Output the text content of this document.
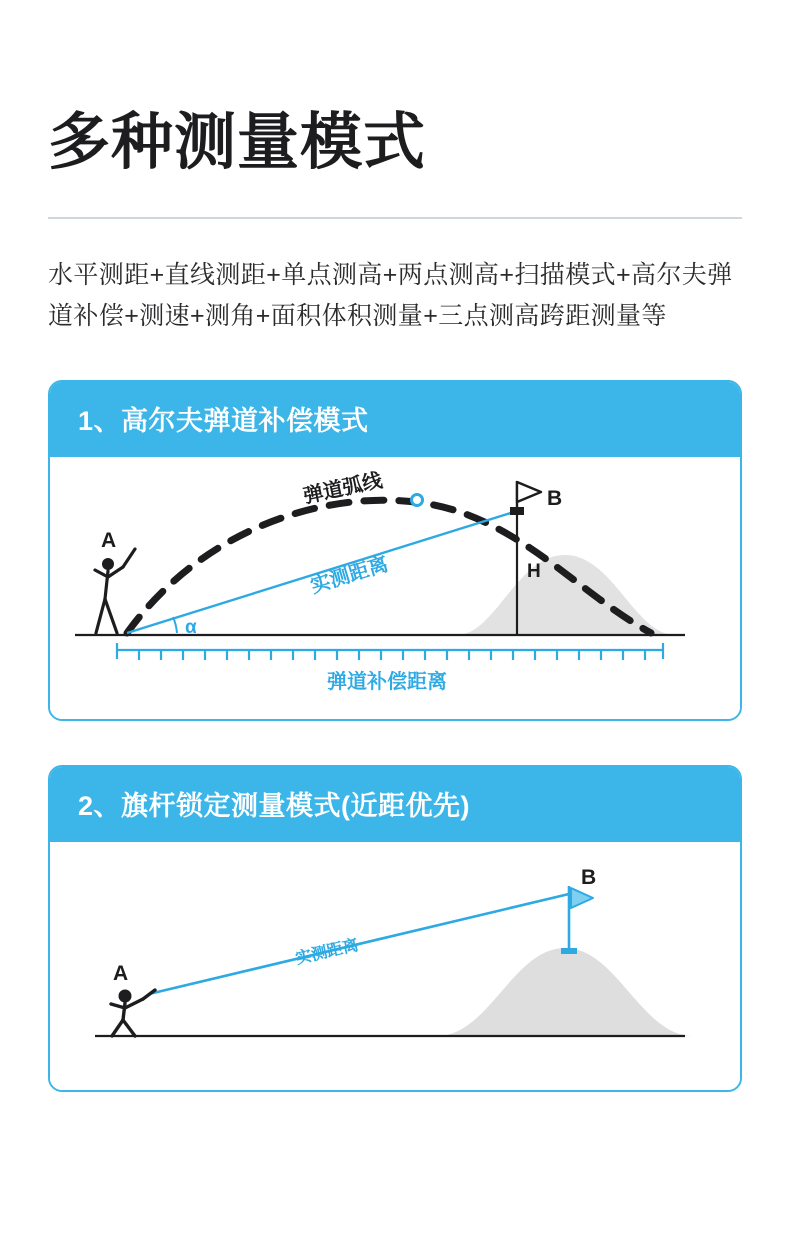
多种测量模式

水平测距+直线测距+单点测高+两点测高+扫描模式+高尔夫弹道补偿+测速+测角+面积体积测量+三点测高跨距测量等

1、高尔夫弹道补偿模式
A
B
H
α
弹道弧线
实测距离
弹道补偿距离
2、旗杆锁定测量模式(近距优先)
A
B
实测距离
